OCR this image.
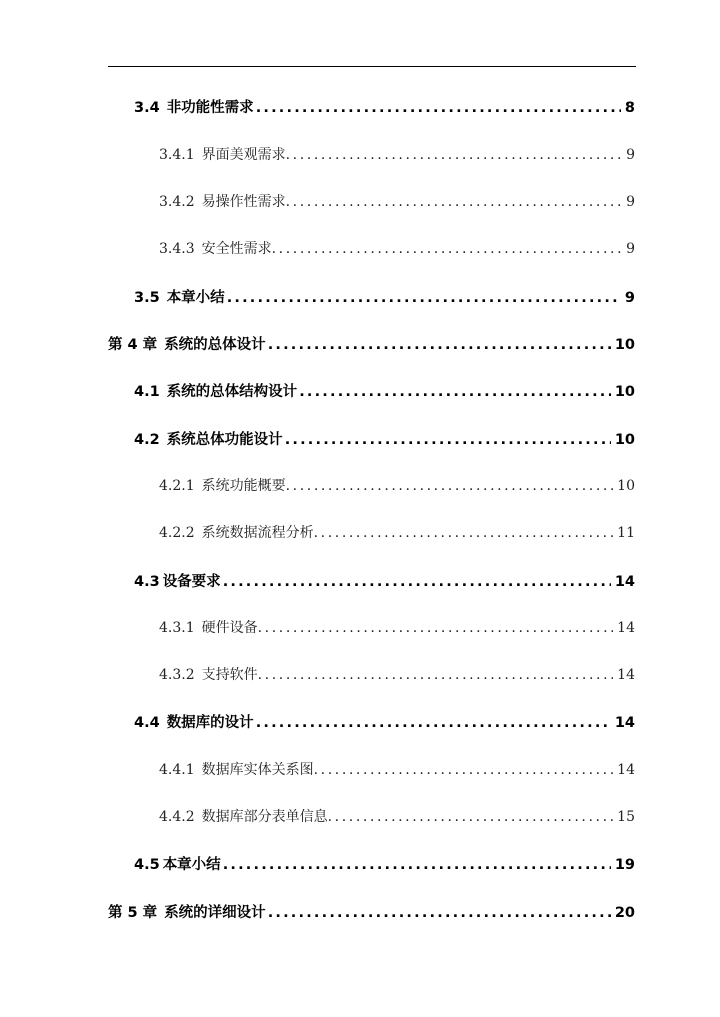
3.4 非功能性需求 .....	8
3.4.1 界面美观需求 .....	9
3.4.2 易操作性需求 .....	9
3.4.3 安全性需求 .....	9
3.5 本章小结 .....	9
第 4 章 系统的总体设计 .....	10
4.1 系统的总体结构设计 .....	10
4.2 系统总体功能设计 .....	10
4.2.1 系统功能概要 .....	10
4.2.2 系统数据流程分析 .....	11
4.3 设备要求 .....	14
4.3.1 硬件设备 .....	14
4.3.2 支持软件 .....	14
4.4 数据库的设计 .....	14
4.4.1 数据库实体关系图 .....	14
4.4.2 数据库部分表单信息 .....	15
4.5 本章小结 .....	19
第 5 章 系统的详细设计 .....	20
